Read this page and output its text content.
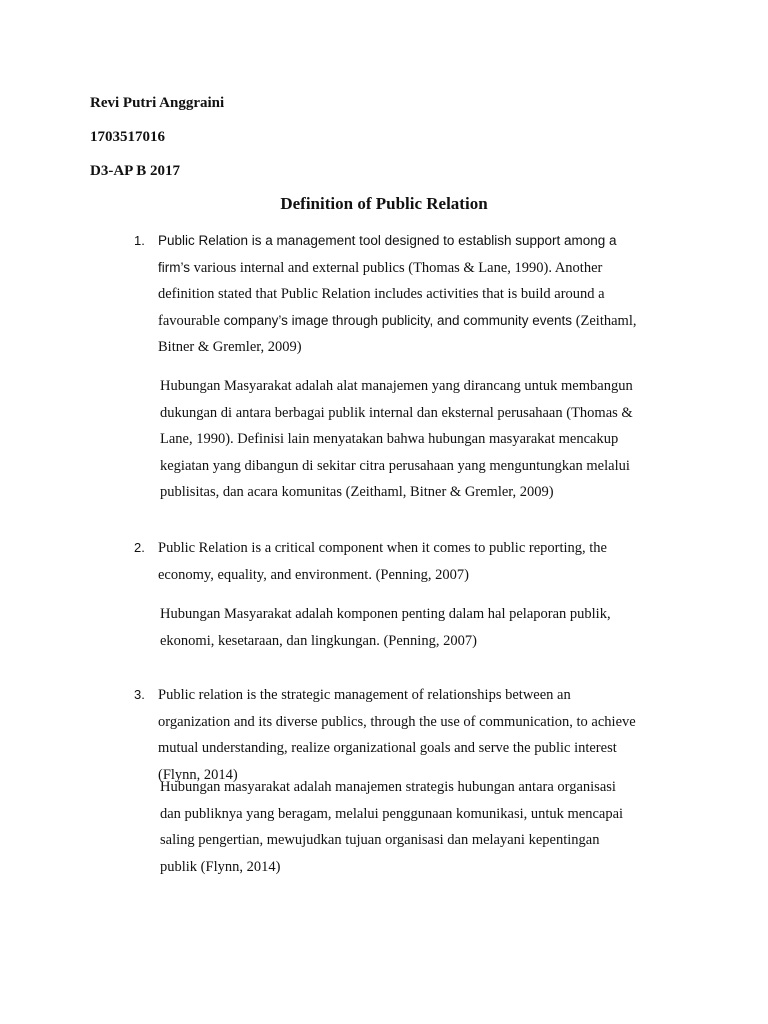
Revi Putri Anggraini
1703517016
D3-AP B 2017
Definition of Public Relation
1. Public Relation is a management tool designed to establish support among a firm’s various internal and external publics (Thomas & Lane, 1990). Another definition stated that Public Relation includes activities that is build around a favourable company’s image through publicity, and community events (Zeithaml, Bitner & Gremler, 2009)
Hubungan Masyarakat adalah alat manajemen yang dirancang untuk membangun dukungan di antara berbagai publik internal dan eksternal perusahaan (Thomas & Lane, 1990). Definisi lain menyatakan bahwa hubungan masyarakat mencakup kegiatan yang dibangun di sekitar citra perusahaan yang menguntungkan melalui publisitas, dan acara komunitas (Zeithaml, Bitner & Gremler, 2009)
2. Public Relation is a critical component when it comes to public reporting, the economy, equality, and environment. (Penning, 2007)
Hubungan Masyarakat adalah komponen penting dalam hal pelaporan publik, ekonomi, kesetaraan, dan lingkungan. (Penning, 2007)
3. Public relation is the strategic management of relationships between an organization and its diverse publics, through the use of communication, to achieve mutual understanding, realize organizational goals and serve the public interest (Flynn, 2014)
Hubungan masyarakat adalah manajemen strategis hubungan antara organisasi dan publiknya yang beragam, melalui penggunaan komunikasi, untuk mencapai saling pengertian, mewujudkan tujuan organisasi dan melayani kepentingan publik (Flynn, 2014)
